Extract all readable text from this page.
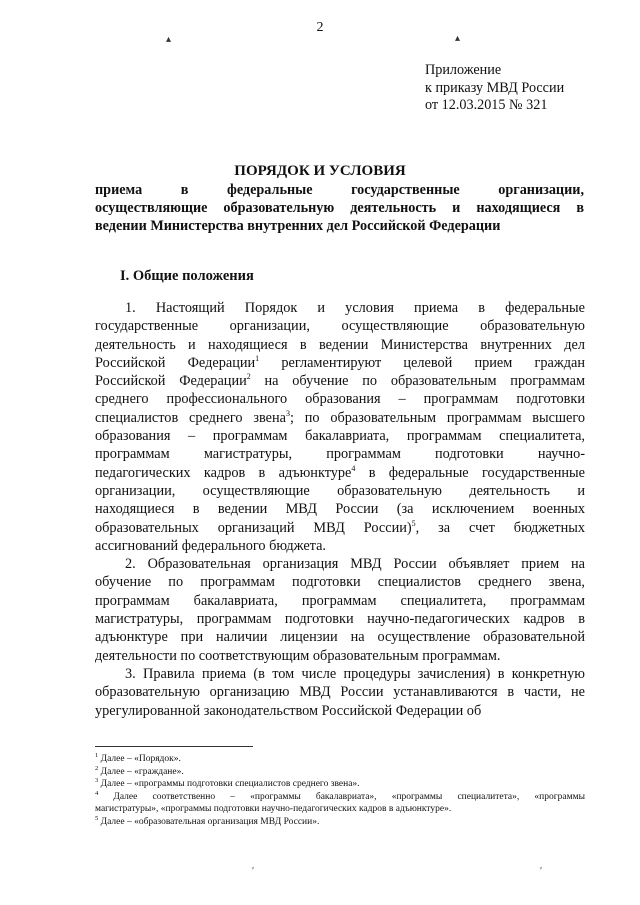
2
▴	▴
′	′
Приложение
к приказу МВД России
от 12.03.2015 № 321
ПОРЯДОК И УСЛОВИЯ
приема в федеральные государственные организации,
осуществляющие образовательную деятельность и находящиеся в
ведении Министерства внутренних дел Российской Федерации
I. Общие положения
1. Настоящий Порядок и условия приема в федеральные
государственные организации, осуществляющие образовательную
деятельность и находящиеся в ведении Министерства внутренних дел
Российской Федерации$^1$ регламентируют целевой прием граждан
Российской Федерации$^2$ на обучение по образовательным программам
среднего профессионального образования – программам подготовки
специалистов среднего звена$^3$; по образовательным программам высшего
образования – программам бакалавриата, программам специалитета,
программам магистратуры, программам подготовки научно-
педагогических кадров в адъюнктуре$^4$ в федеральные государственные
организации, осуществляющие образовательную деятельность и
находящиеся в ведении МВД России (за исключением военных
образовательных организаций МВД России)$^5$, за счет бюджетных
ассигнований федерального бюджета.
2. Образовательная организация МВД России объявляет прием на
обучение по программам подготовки специалистов среднего звена,
программам бакалавриата, программам специалитета, программам
магистратуры, программам подготовки научно-педагогических кадров в
адъюнктуре при наличии лицензии на осуществление образовательной
деятельности по соответствующим образовательным программам.
3. Правила приема (в том числе процедуры зачисления) в конкретную
образовательную организацию МВД России устанавливаются в части, не
урегулированной законодательством Российской Федерации об
$^1$ Далее – «Порядок».
$^2$ Далее – «граждане».
$^3$ Далее – «программы подготовки специалистов среднего звена».
$^4$ Далее соответственно – «программы бакалавриата», «программы специалитета», «программы
магистратуры», «программы подготовки научно-педагогических кадров в адъюнктуре».
$^5$ Далее – «образовательная организация МВД России».
